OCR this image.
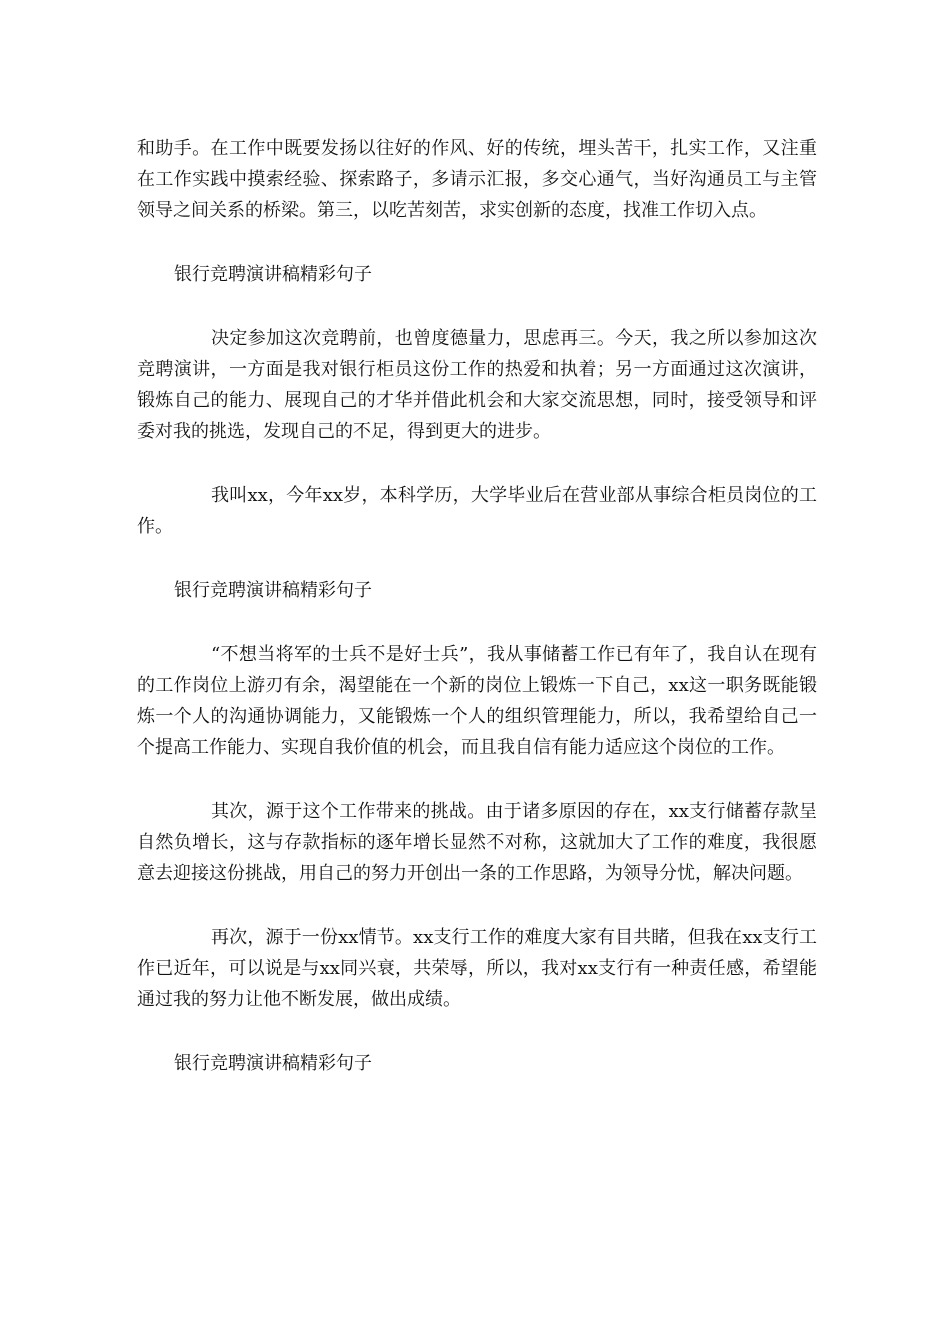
和助手。在工作中既要发扬以往好的作风、好的传统，埋头苦干，扎实工作，又注重在工作实践中摸索经验、探索路子，多请示汇报，多交心通气，当好沟通员工与主管领导之间关系的桥梁。第三，以吃苦刻苦，求实创新的态度，找准工作切入点。

银行竞聘演讲稿精彩句子

决定参加这次竞聘前，也曾度德量力，思虑再三。今天，我之所以参加这次竞聘演讲，一方面是我对银行柜员这份工作的热爱和执着；另一方面通过这次演讲，锻炼自己的能力、展现自己的才华并借此机会和大家交流思想，同时，接受领导和评委对我的挑选，发现自己的不足，得到更大的进步。

我叫xx，今年xx岁，本科学历，大学毕业后在营业部从事综合柜员岗位的工作。

银行竞聘演讲稿精彩句子

“不想当将军的士兵不是好士兵”，我从事储蓄工作已有年了，我自认在现有的工作岗位上游刃有余，渴望能在一个新的岗位上锻炼一下自己，xx这一职务既能锻炼一个人的沟通协调能力，又能锻炼一个人的组织管理能力，所以，我希望给自己一个提高工作能力、实现自我价值的机会，而且我自信有能力适应这个岗位的工作。

其次，源于这个工作带来的挑战。由于诸多原因的存在，xx支行储蓄存款呈自然负增长，这与存款指标的逐年增长显然不对称，这就加大了工作的难度，我很愿意去迎接这份挑战，用自己的努力开创出一条的工作思路，为领导分忧，解决问题。

再次，源于一份xx情节。xx支行工作的难度大家有目共睹，但我在xx支行工作已近年，可以说是与xx同兴衰，共荣辱，所以，我对xx支行有一种责任感，希望能通过我的努力让他不断发展，做出成绩。

银行竞聘演讲稿精彩句子
